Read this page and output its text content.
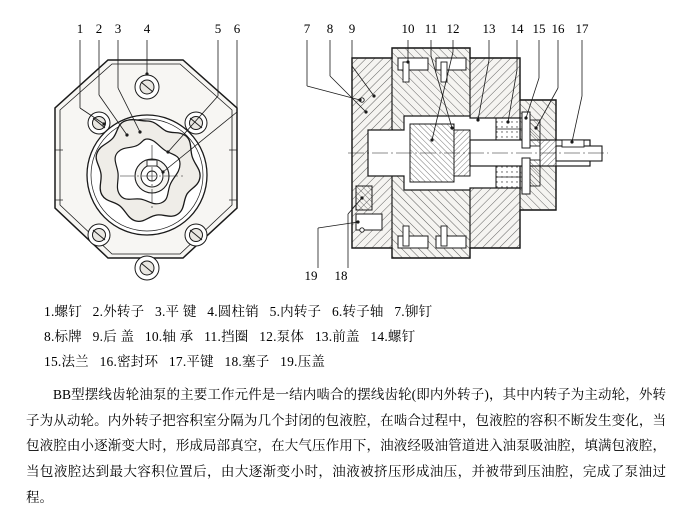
1 2 3 4	5 6	7 8 9	10 11 12 13 14 15 16 17
19 18
1.螺钉 2.外转子 3.平 键 4.圆柱销 5.内转子 6.转子轴 7.铆钉
8.标牌 9.后 盖 10.轴 承 11.挡圈 12.泵体 13.前盖 14.螺钉
15.法兰 16.密封环 17.平键 18.塞子 19.压盖

BB型摆线齿轮油泵的主要工作元件是一结内啮合的摆线齿轮(即内外转子)，其中内转子为主动轮，外转子为从动轮。内外转子把容积室分隔为几个封闭的包液腔，在啮合过程中，包液腔的容积不断发生变化，当包液腔由小逐渐变大时，形成局部真空，在大气压作用下，油液经吸油管道进入油泵吸油腔，填满包液腔，当包液腔达到最大容积位置后，由大逐渐变小时，油液被挤压形成油压，并被带到压油腔，完成了泵油过程。
